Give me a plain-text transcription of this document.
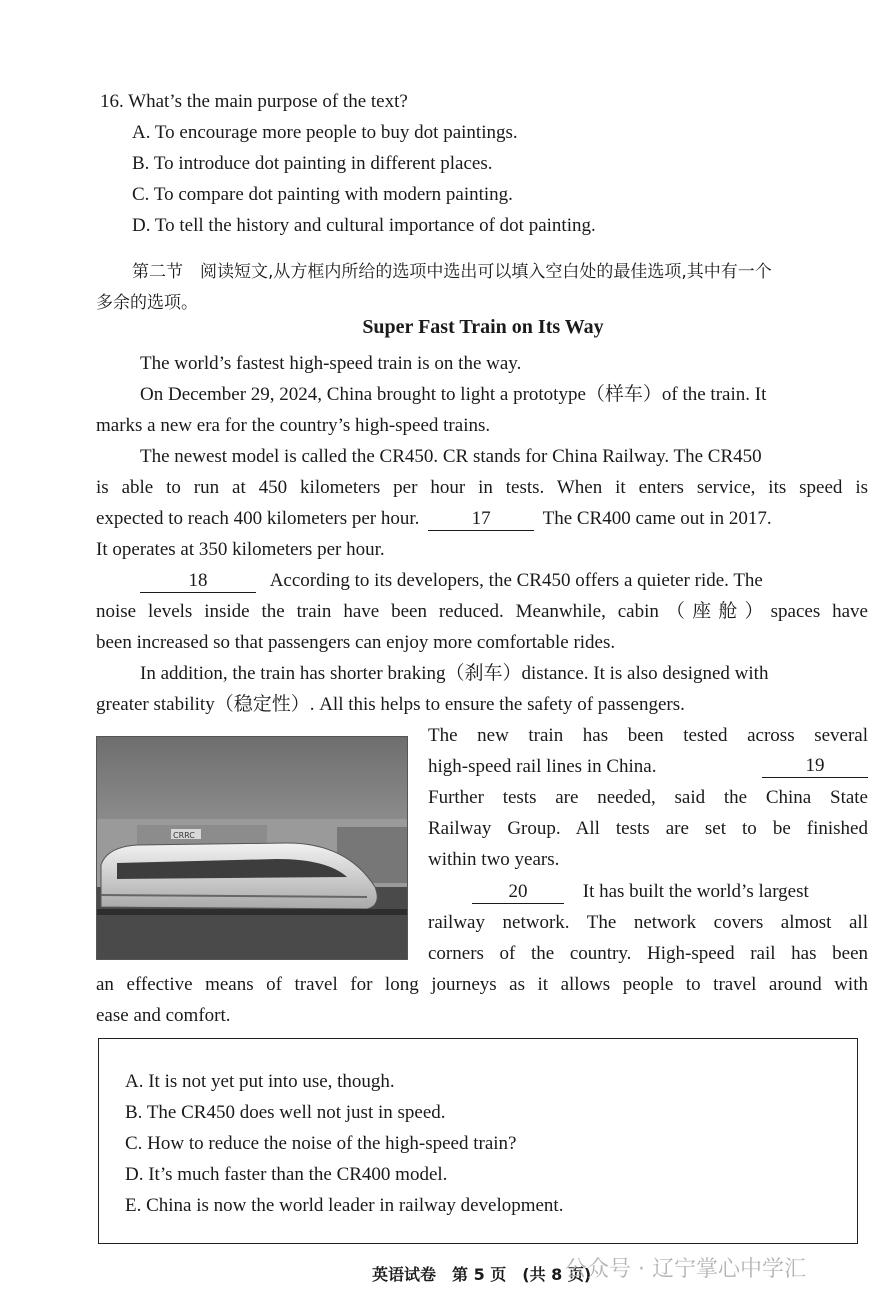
16. What’s the main purpose of the text?
A. To encourage more people to buy dot paintings.
B. To introduce dot painting in different places.
C. To compare dot painting with modern painting.
D. To tell the history and cultural importance of dot painting.
第二节　阅读短文,从方框内所给的选项中选出可以填入空白处的最佳选项,其中有一个
多余的选项。
Super Fast Train on Its Way
The world’s fastest high-speed train is on the way.
On December 29, 2024, China brought to light a prototype（样车）of the train. It
marks a new era for the country’s high-speed trains.
The newest model is called the CR450. CR stands for China Railway. The CR450
is able to run at 450 kilometers per hour in tests. When it enters service, its speed is
expected to reach 400 kilometers per hour.	17	The CR400 came out in 2017.
It operates at 350 kilometers per hour.
18	According to its developers, the CR450 offers a quieter ride. The
noise levels inside the train have been reduced. Meanwhile, cabin（座舱）spaces have
been increased so that passengers can enjoy more comfortable rides.
In addition, the train has shorter braking（刹车）distance. It is also designed with
greater stability（稳定性）. All this helps to ensure the safety of passengers.
CRRC
The new train has been tested across several
high-speed rail lines in China.	19
Further tests are needed, said the China State
Railway Group. All tests are set to be finished
within two years.
20	It has built the world’s largest
railway network. The network covers almost all
corners of the country. High-speed rail has been
an effective means of travel for long journeys as it allows people to travel around with
ease and comfort.
A. It is not yet put into use, though.
B. The CR450 does well not just in speed.
C. How to reduce the noise of the high-speed train?
D. It’s much faster than the CR400 model.
E. China is now the world leader in railway development.
英语试卷　第 5 页　(共 8 页)
公众号 · 辽宁掌心中学汇
